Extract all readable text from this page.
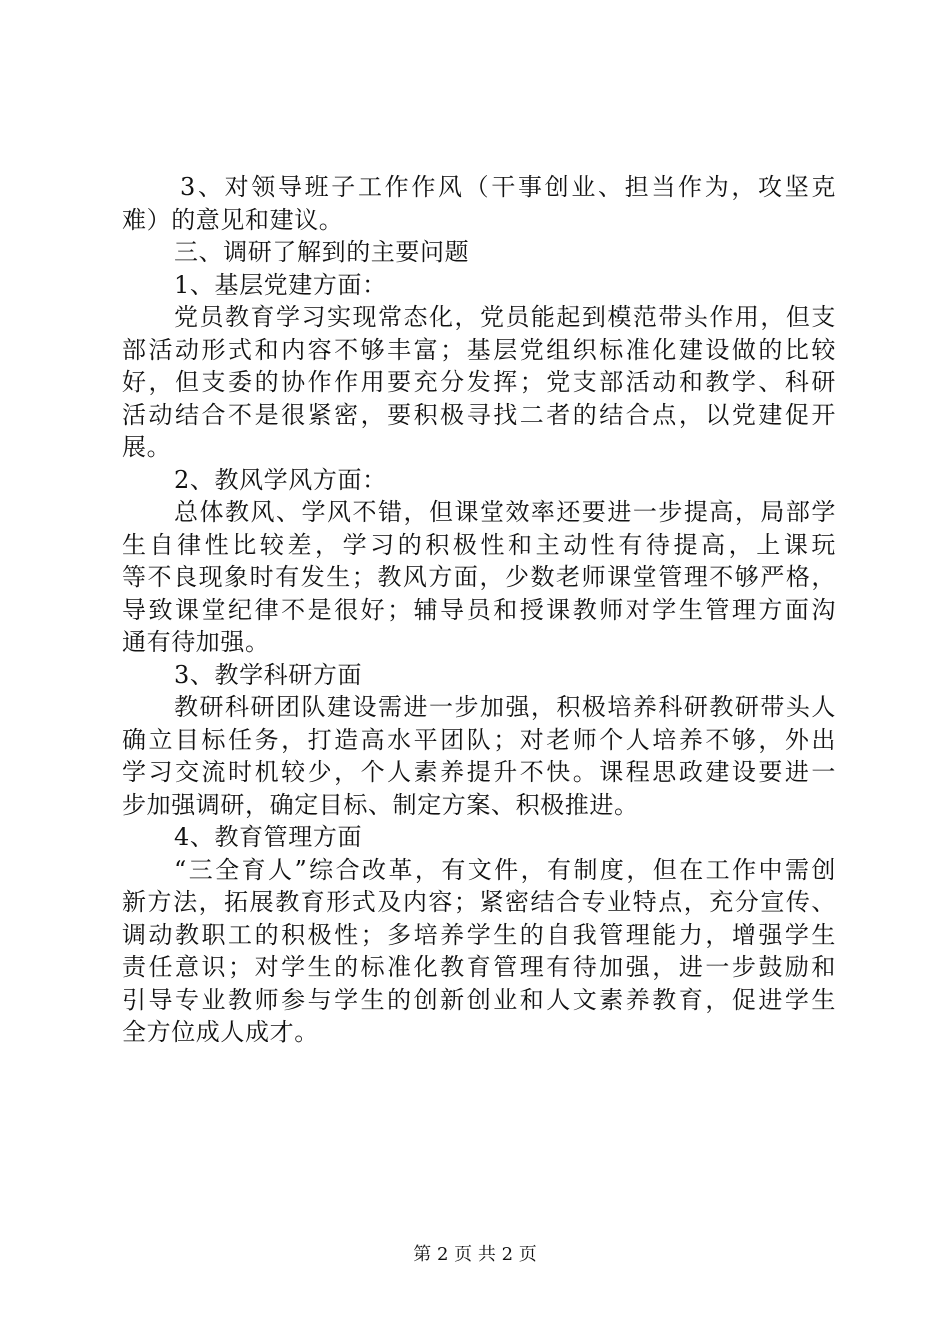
3、对领导班子工作作风（干事创业、担当作为，攻坚克
难）的意见和建议。
三、调研了解到的主要问题
1、基层党建方面：
党员教育学习实现常态化，党员能起到模范带头作用，但支
部活动形式和内容不够丰富；基层党组织标准化建设做的比较
好，但支委的协作作用要充分发挥；党支部活动和教学、科研
活动结合不是很紧密，要积极寻找二者的结合点，以党建促开
展。
2、教风学风方面：
总体教风、学风不错，但课堂效率还要进一步提高，局部学
生自律性比较差，学习的积极性和主动性有待提高，上课玩
等不良现象时有发生；教风方面，少数老师课堂管理不够严格，
导致课堂纪律不是很好；辅导员和授课教师对学生管理方面沟
通有待加强。
3、教学科研方面
教研科研团队建设需进一步加强，积极培养科研教研带头人
确立目标任务，打造高水平团队；对老师个人培养不够，外出
学习交流时机较少，个人素养提升不快。课程思政建设要进一
步加强调研，确定目标、制定方案、积极推进。
4、教育管理方面
“三全育人”综合改革，有文件，有制度，但在工作中需创
新方法，拓展教育形式及内容；紧密结合专业特点，充分宣传、
调动教职工的积极性；多培养学生的自我管理能力，增强学生
责任意识；对学生的标准化教育管理有待加强，进一步鼓励和
引导专业教师参与学生的创新创业和人文素养教育，促进学生
全方位成人成才。
第 2 页 共 2 页
